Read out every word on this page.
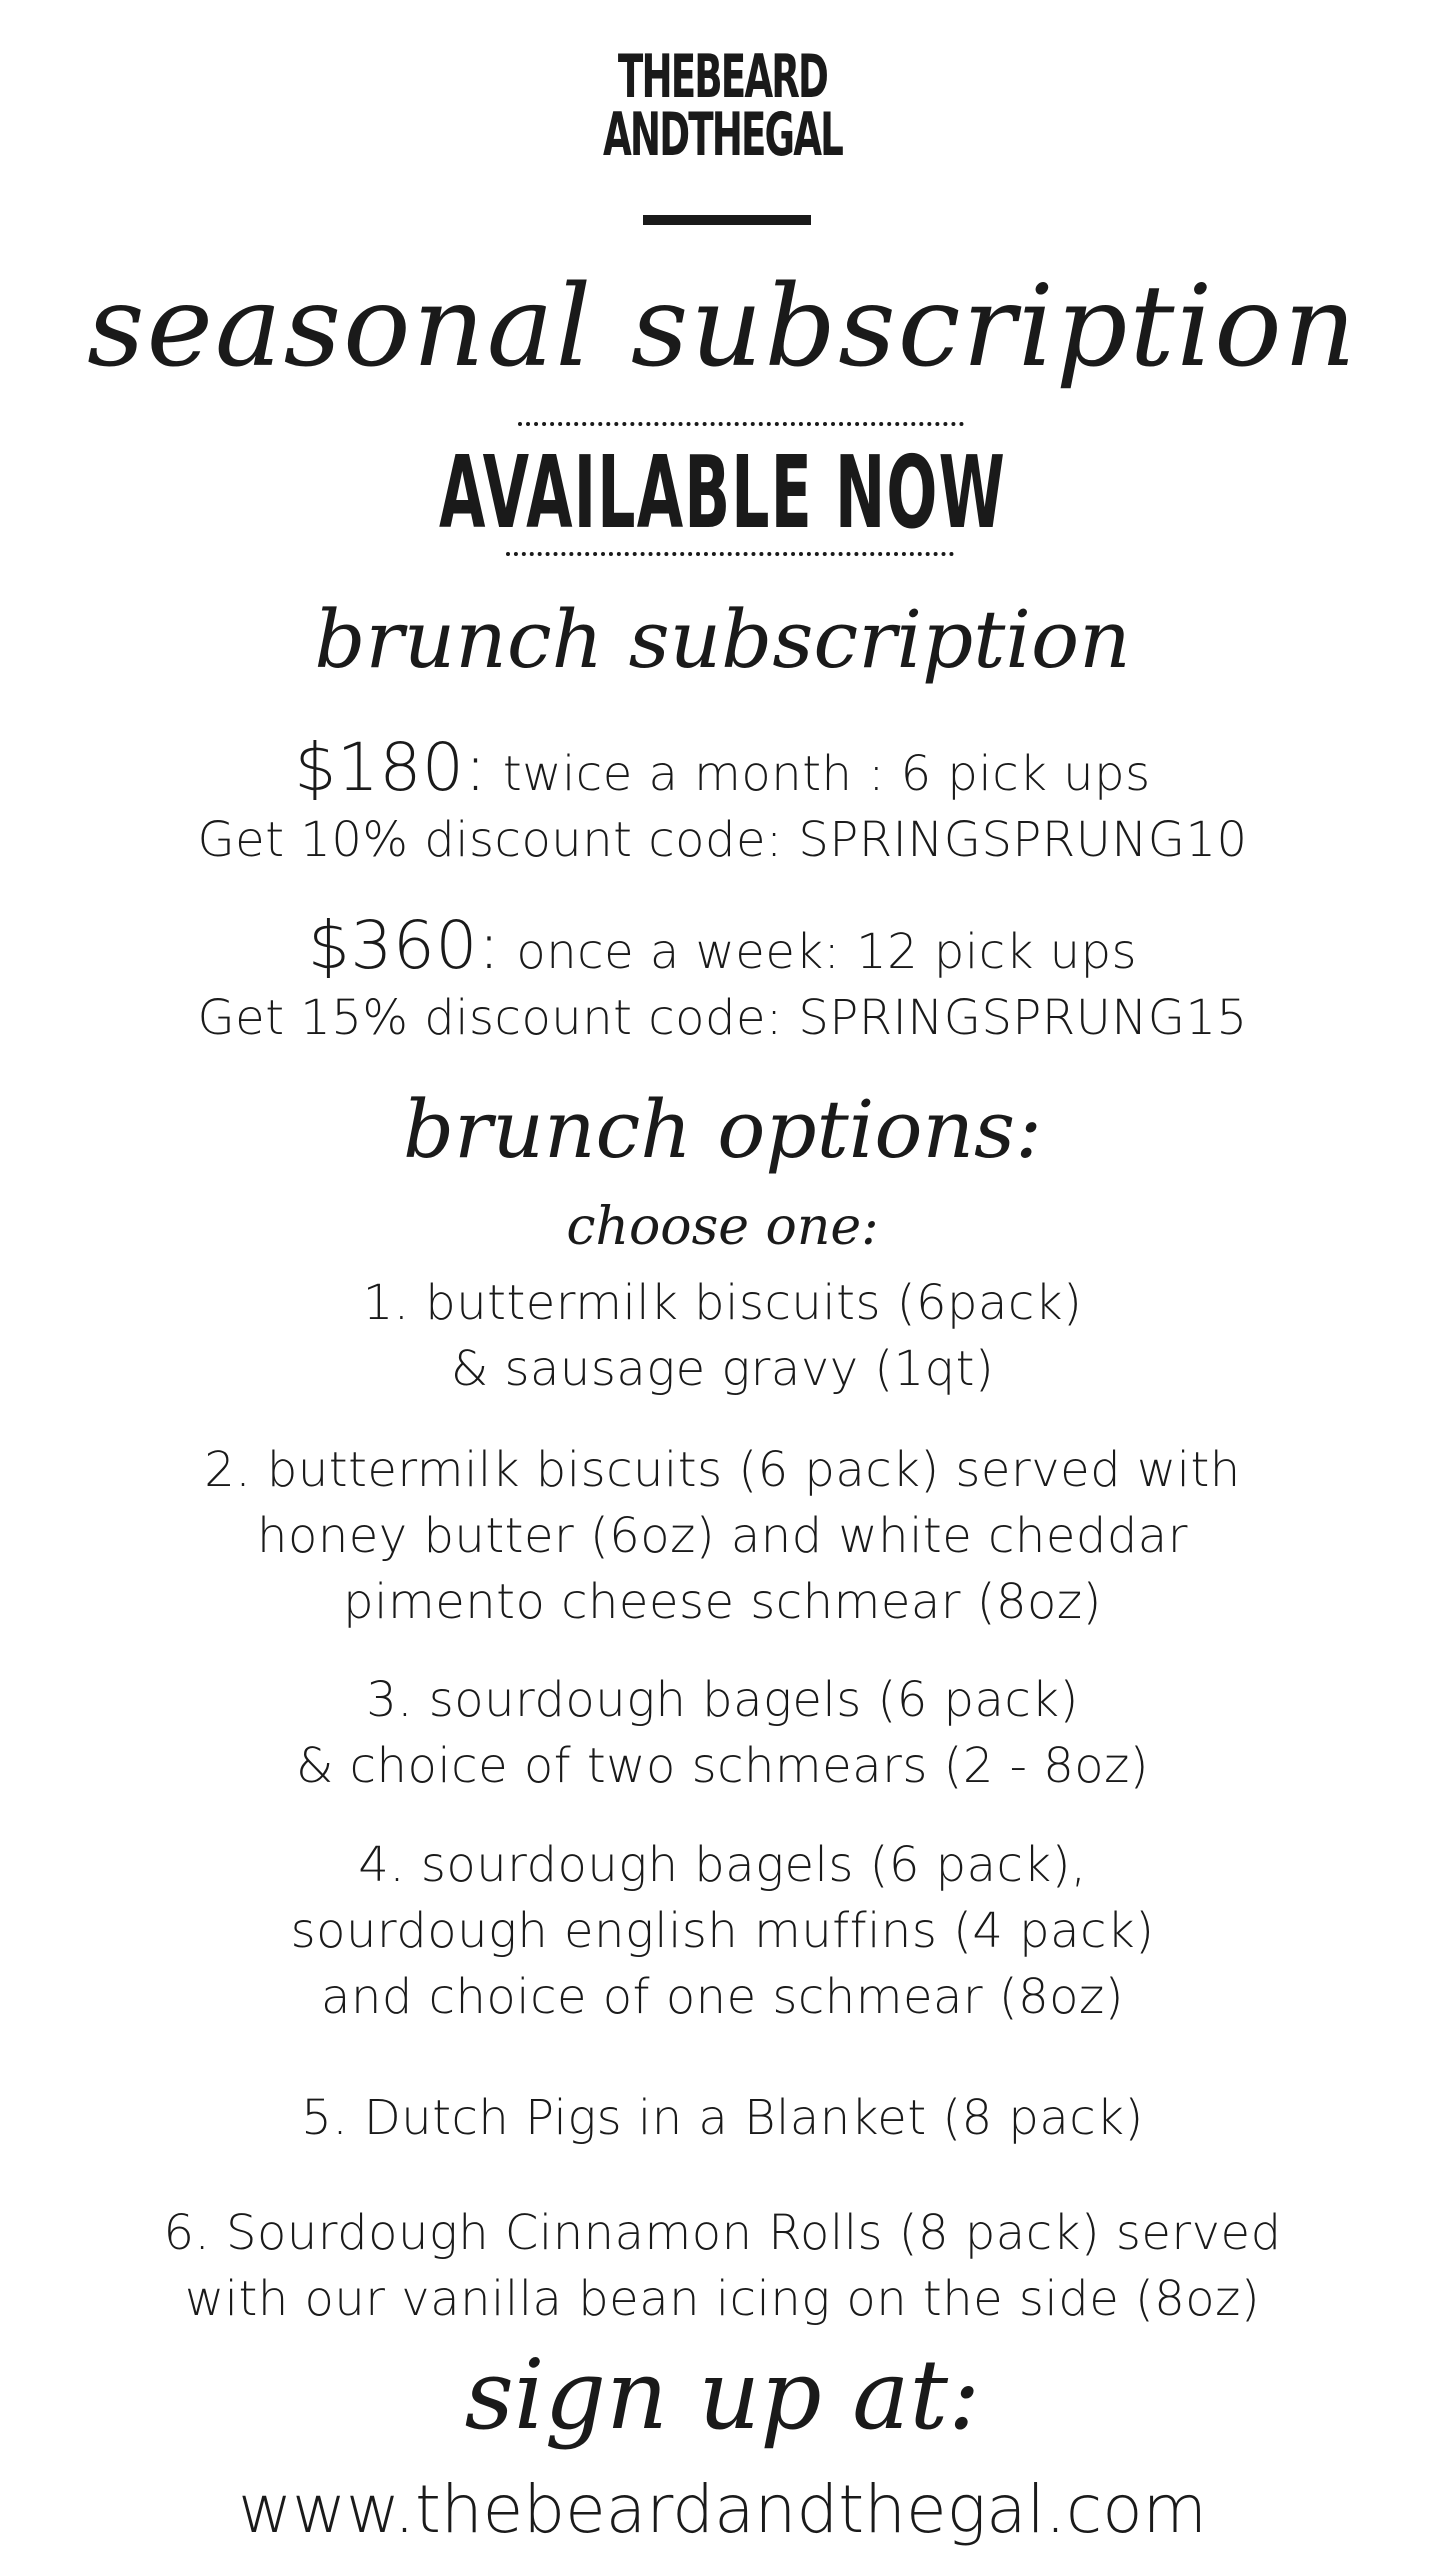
THEBEARD
ANDTHEGAL
seasonal subscription
AVAILABLE NOW
brunch subscription
$180: twice a month : 6 pick ups
Get 10% discount code: SPRINGSPRUNG10
$360: once a week: 12 pick ups
Get 15% discount code: SPRINGSPRUNG15
brunch options:
choose one:
1. buttermilk biscuits (6pack)
& sausage gravy (1qt)
2. buttermilk biscuits (6 pack) served with
honey butter (6oz) and white cheddar
pimento cheese schmear (8oz)
3. sourdough bagels (6 pack)
& choice of two schmears (2 - 8oz)
4. sourdough bagels (6 pack),
sourdough english muffins (4 pack)
and choice of one schmear (8oz)
5. Dutch Pigs in a Blanket (8 pack)
6. Sourdough Cinnamon Rolls (8 pack) served
with our vanilla bean icing on the side (8oz)
sign up at:
www.thebeardandthegal.com
